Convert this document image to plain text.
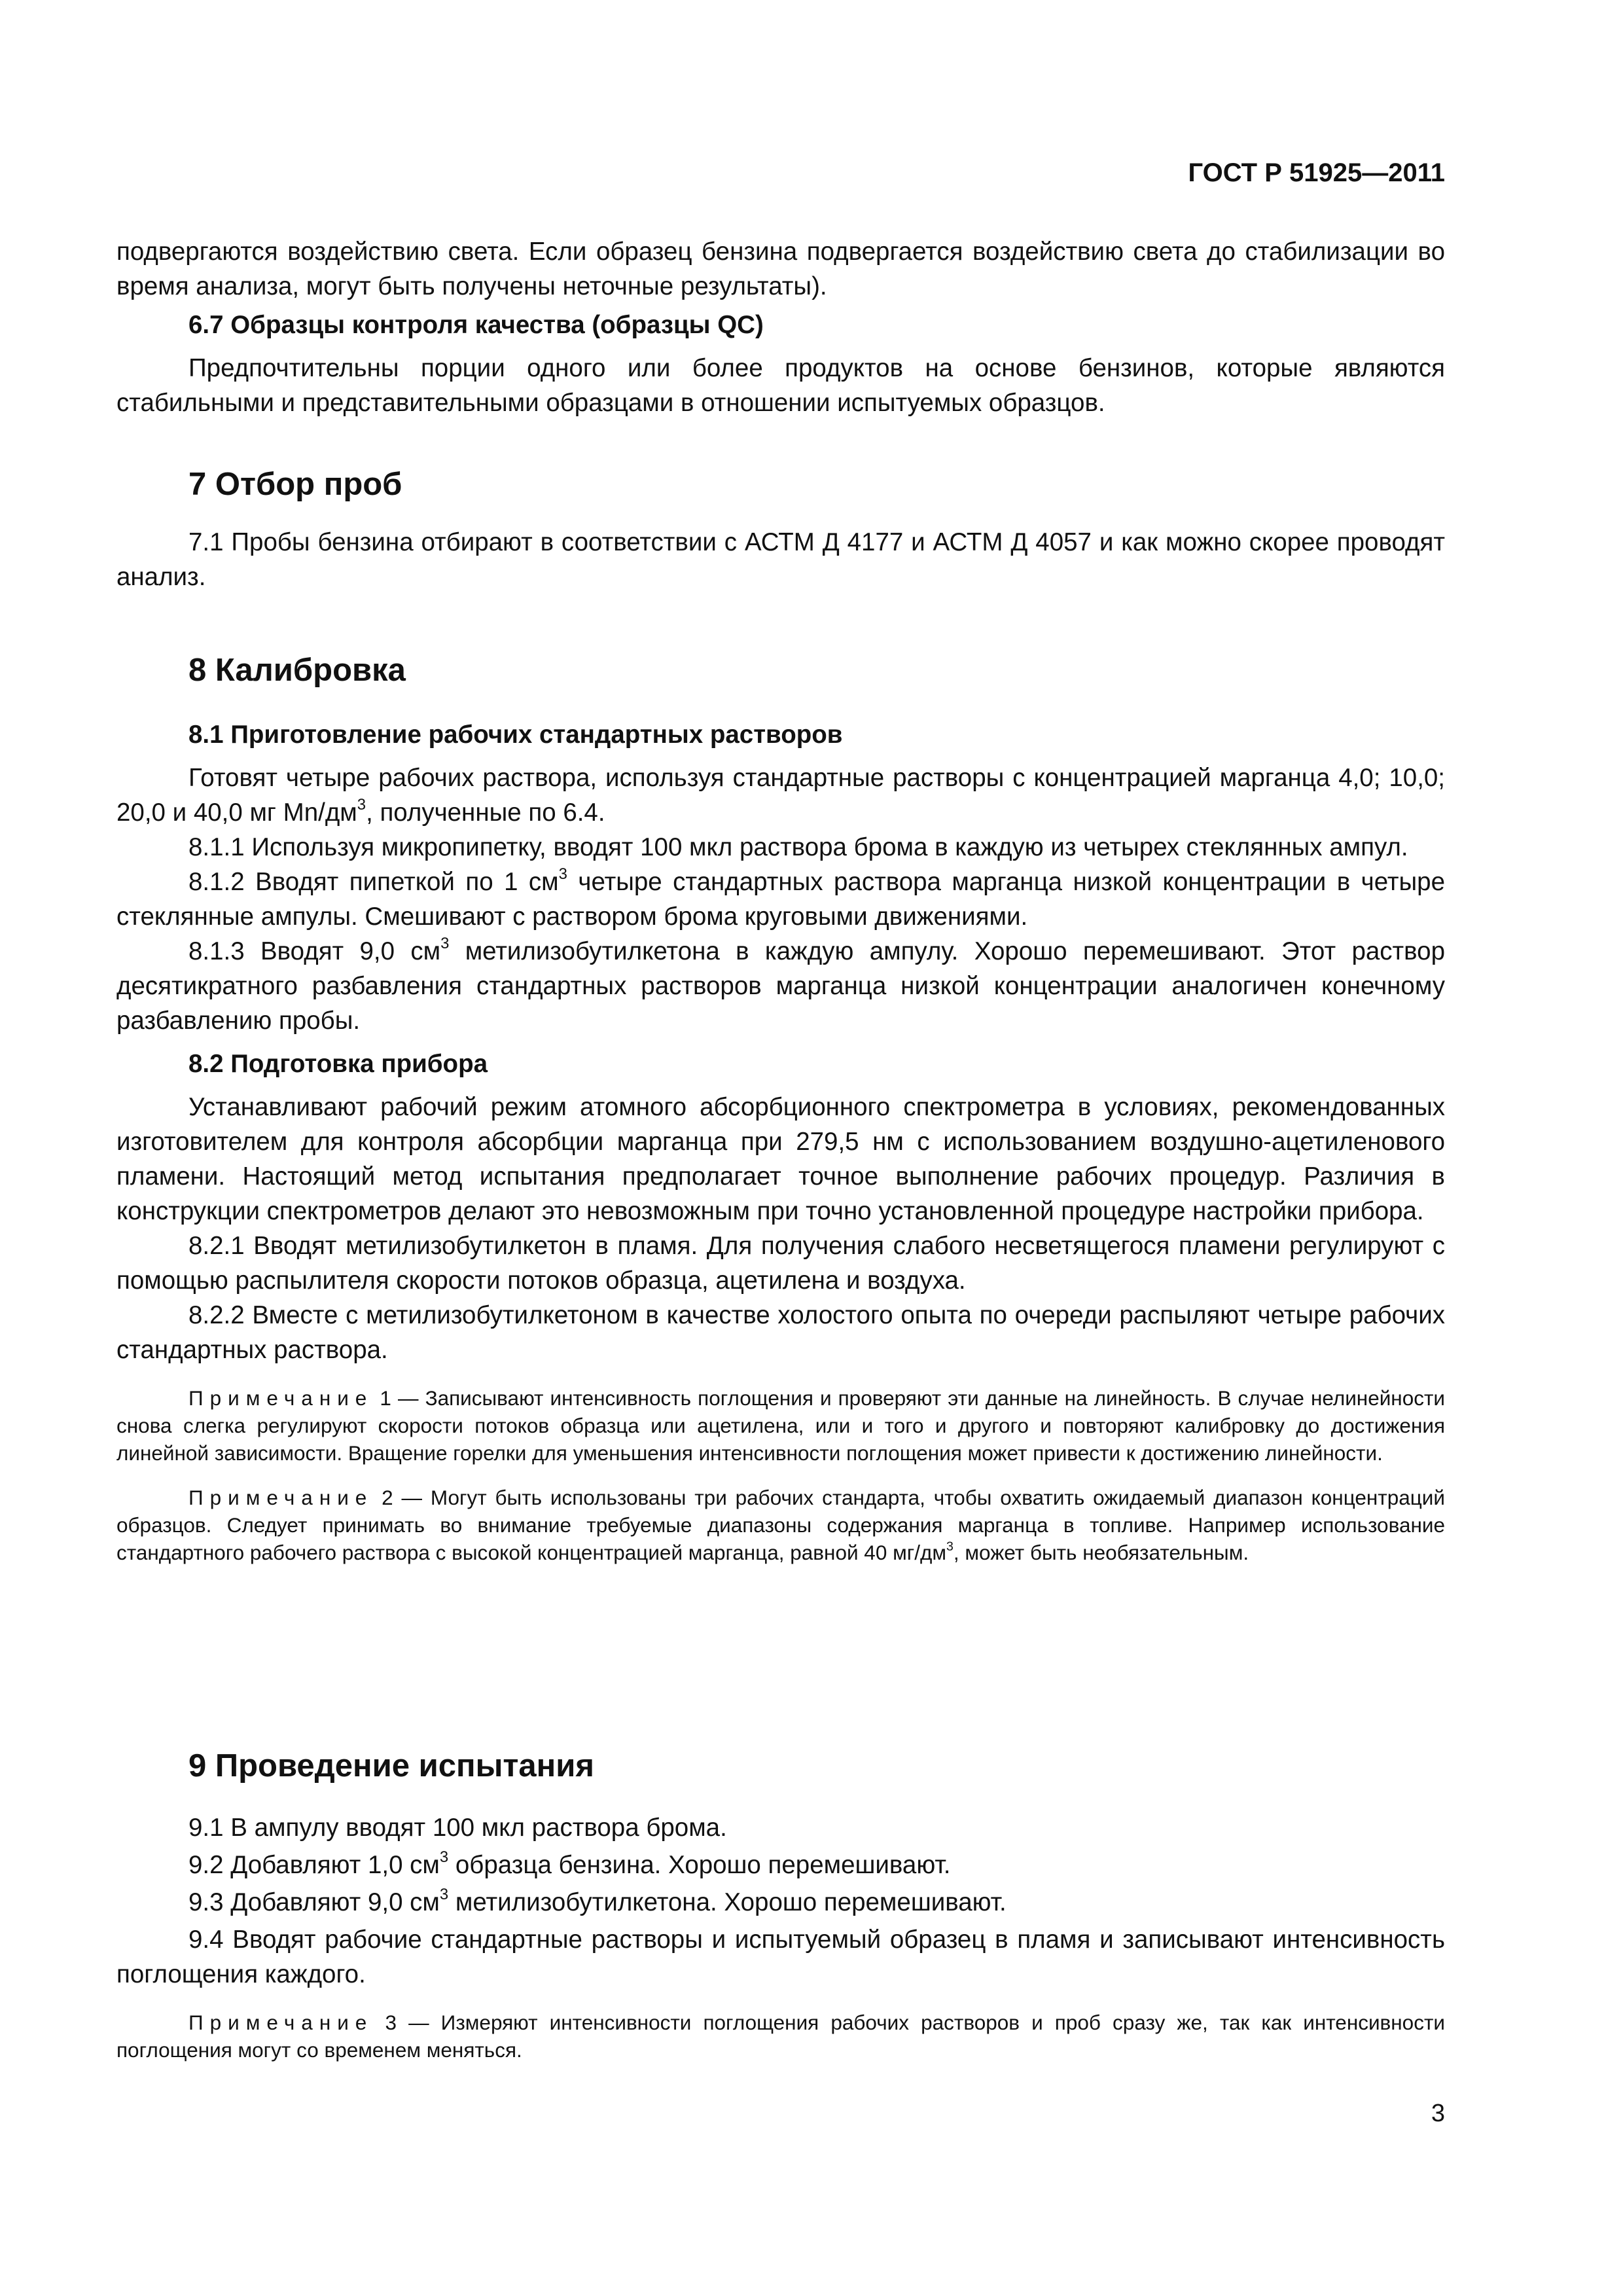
ГОСТ Р 51925—2011

подвергаются воздействию света. Если образец бензина подвергается воздействию света до стабилизации во время анализа, могут быть получены неточные результаты).

6.7 Образцы контроля качества (образцы QC)

Предпочтительны порции одного или более продуктов на основе бензинов, которые являются стабильными и представительными образцами в отношении испытуемых образцов.

7 Отбор проб

7.1 Пробы бензина отбирают в соответствии с АСТМ Д 4177 и АСТМ Д 4057 и как можно скорее проводят анализ.

8 Калибровка

8.1 Приготовление рабочих стандартных растворов

Готовят четыре рабочих раствора, используя стандартные растворы с концентрацией марганца 4,0; 10,0; 20,0 и 40,0 мг $Mn/дм^3$, полученные по 6.4.

8.1.1 Используя микропипетку, вводят 100 мкл раствора брома в каждую из четырех стеклянных ампул.

8.1.2 Вводят пипеткой по 1 $см^3$ четыре стандартных раствора марганца низкой концентрации в четыре стеклянные ампулы. Смешивают с раствором брома круговыми движениями.

8.1.3 Вводят 9,0 $см^3$ метилизобутилкетона в каждую ампулу. Хорошо перемешивают. Этот раствор десятикратного разбавления стандартных растворов марганца низкой концентрации аналогичен конечному разбавлению пробы.

8.2 Подготовка прибора

Устанавливают рабочий режим атомного абсорбционного спектрометра в условиях, рекомендованных изготовителем для контроля абсорбции марганца при 279,5 нм с использованием воздушно-ацетиленового пламени. Настоящий метод испытания предполагает точное выполнение рабочих процедур. Различия в конструкции спектрометров делают это невозможным при точно установленной процедуре настройки прибора.

8.2.1 Вводят метилизобутилкетон в пламя. Для получения слабого несветящегося пламени регулируют с помощью распылителя скорости потоков образца, ацетилена и воздуха.

8.2.2 Вместе с метилизобутилкетоном в качестве холостого опыта по очереди распыляют четыре рабочих стандартных раствора.

Примечание 1 — Записывают интенсивность поглощения и проверяют эти данные на линейность. В случае нелинейности снова слегка регулируют скорости потоков образца или ацетилена, или и того и другого и повторяют калибровку до достижения линейной зависимости. Вращение горелки для уменьшения интенсивности поглощения может привести к достижению линейности.

Примечание 2 — Могут быть использованы три рабочих стандарта, чтобы охватить ожидаемый диапазон концентраций образцов. Следует принимать во внимание требуемые диапазоны содержания марганца в топливе. Например использование стандартного рабочего раствора с высокой концентрацией марганца, равной 40 $мг/дм^3$, может быть необязательным.

9 Проведение испытания

9.1 В ампулу вводят 100 мкл раствора брома.

9.2 Добавляют 1,0 $см^3$ образца бензина. Хорошо перемешивают.

9.3 Добавляют 9,0 $см^3$ метилизобутилкетона. Хорошо перемешивают.

9.4 Вводят рабочие стандартные растворы и испытуемый образец в пламя и записывают интенсивность поглощения каждого.

Примечание 3 — Измеряют интенсивности поглощения рабочих растворов и проб сразу же, так как интенсивности поглощения могут со временем меняться.

3
